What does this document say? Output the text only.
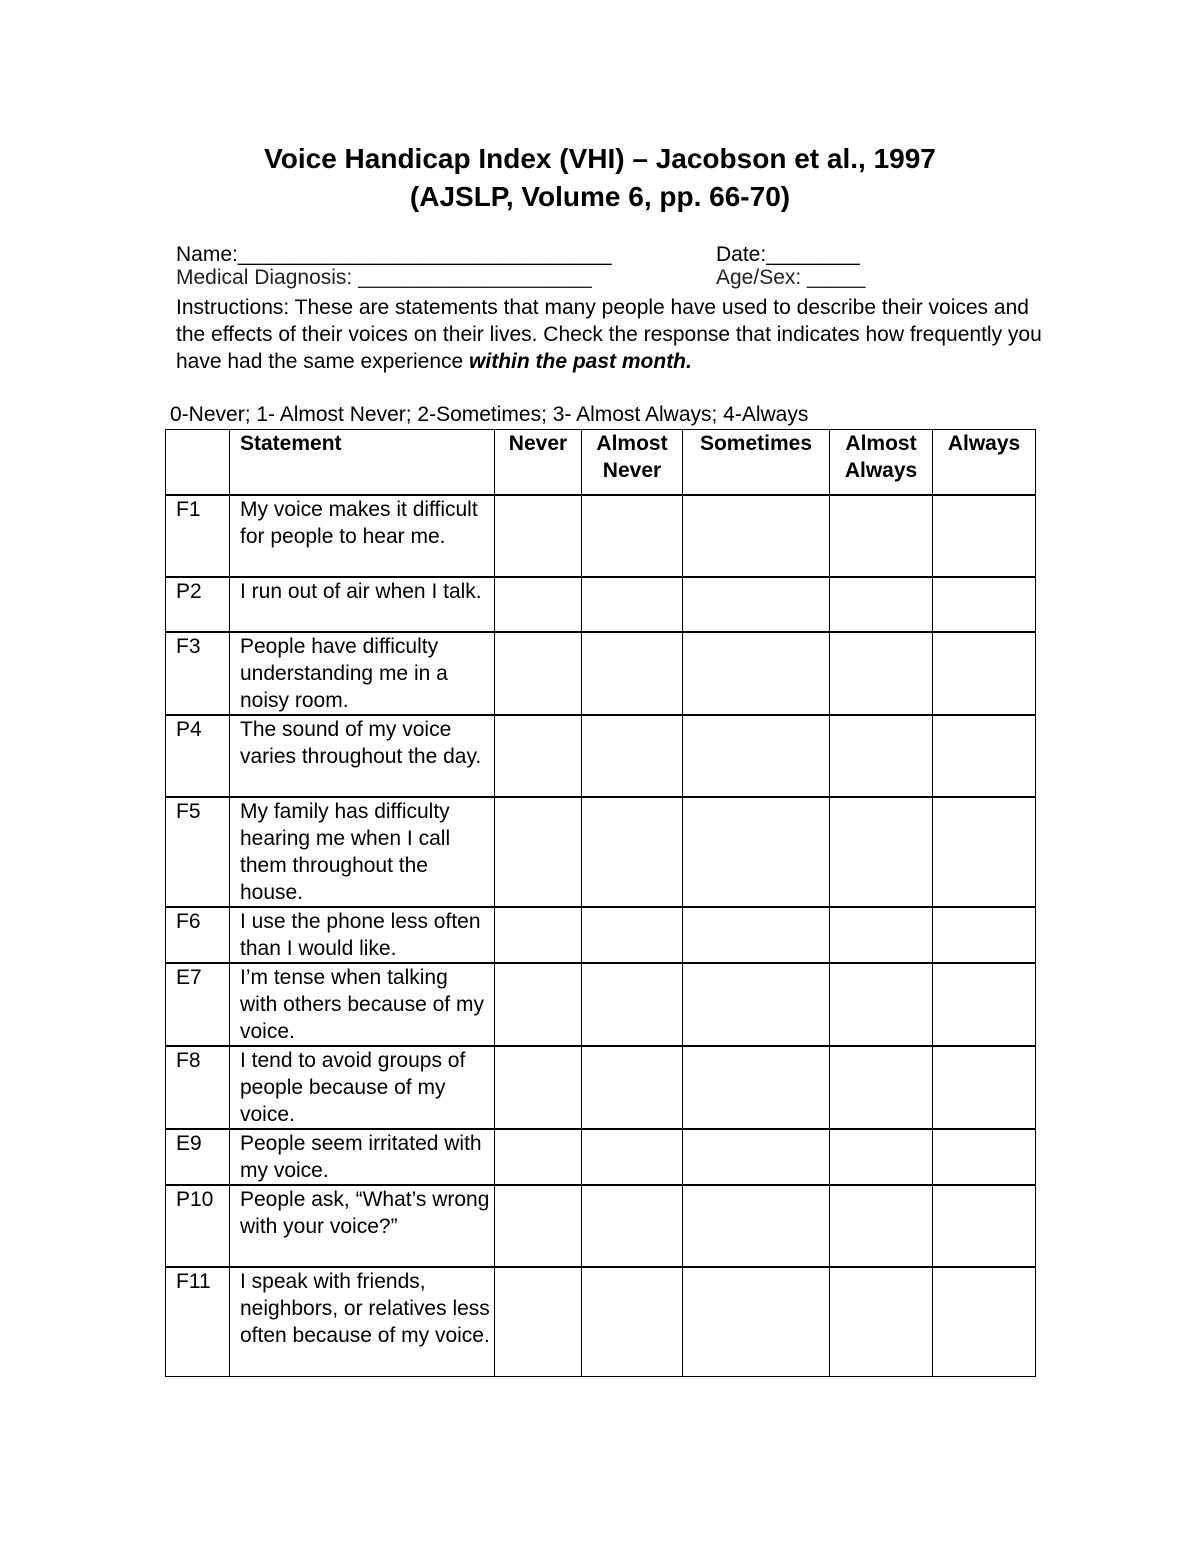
Voice Handicap Index (VHI) – Jacobson et al., 1997
(AJSLP, Volume 6, pp. 66-70)
Name:________________________________	Date:________
Medical Diagnosis: ____________________	Age/Sex: _____
Instructions: These are statements that many people have used to describe their voices and the effects of their voices on their lives. Check the response that indicates how frequently you have had the same experience within the past month.
0-Never; 1- Almost Never; 2-Sometimes; 3- Almost Always; 4-Always
	Statement	Never	Almost Never	Sometimes	Almost Always	Always
F1	My voice makes it difficult for people to hear me.					
P2	I run out of air when I talk.					
F3	People have difficulty understanding me in a noisy room.					
P4	The sound of my voice varies throughout the day.					
F5	My family has difficulty hearing me when I call them throughout the house.					
F6	I use the phone less often than I would like.					
E7	I’m tense when talking with others because of my voice.					
F8	I tend to avoid groups of people because of my voice.					
E9	People seem irritated with my voice.					
P10	People ask, “What’s wrong with your voice?”					
F11	I speak with friends, neighbors, or relatives less often because of my voice.					
